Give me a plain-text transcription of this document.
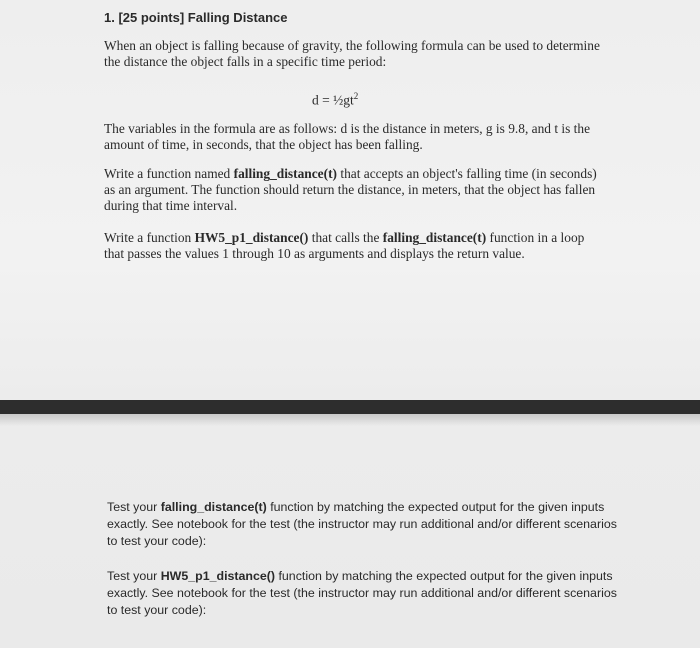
1. [25 points] Falling Distance
When an object is falling because of gravity, the following formula can be used to determine the distance the object falls in a specific time period:
$d = \frac{1}{2}gt^2$
The variables in the formula are as follows: d is the distance in meters, g is 9.8, and t is the amount of time, in seconds, that the object has been falling.
Write a function named falling_distance(t) that accepts an object's falling time (in seconds) as an argument. The function should return the distance, in meters, that the object has fallen during that time interval.
Write a function HW5_p1_distance() that calls the falling_distance(t) function in a loop that passes the values 1 through 10 as arguments and displays the return value.
Test your falling_distance(t) function by matching the expected output for the given inputs exactly. See notebook for the test (the instructor may run additional and/or different scenarios to test your code):
Test your HW5_p1_distance() function by matching the expected output for the given inputs exactly. See notebook for the test (the instructor may run additional and/or different scenarios to test your code):
